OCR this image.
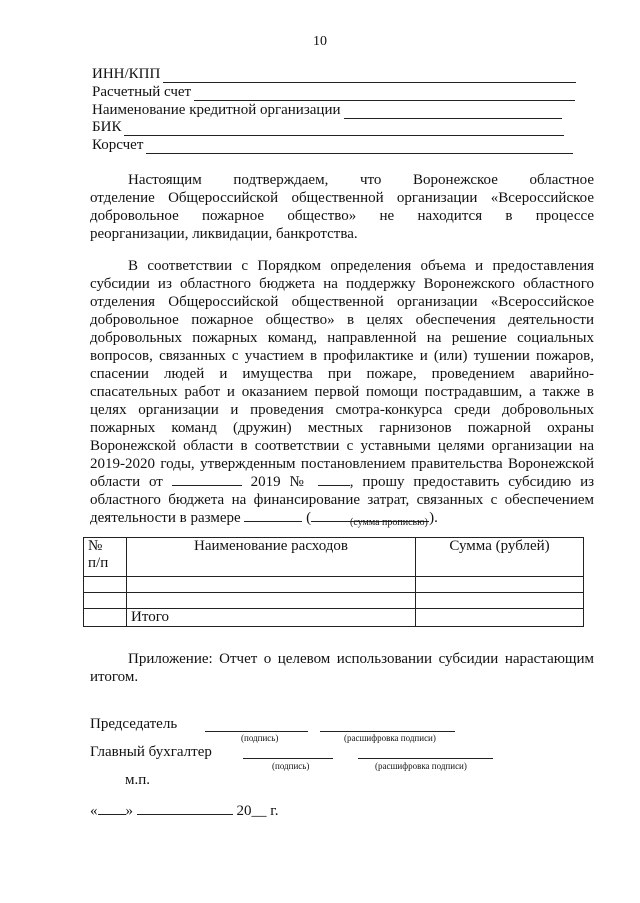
10
ИНН/КПП
Расчетный счет
Наименование кредитной организации
БИК
Корсчет
Настоящим подтверждаем, что Воронежское областное
отделение Общероссийской общественной организации «Всероссийское
добровольное пожарное общество» не находится в процессе
реорганизации, ликвидации, банкротства.
В соответствии с Порядком определения объема и предоставления
субсидии из областного бюджета на поддержку Воронежского областного
отделения Общероссийской общественной организации «Всероссийское
добровольное пожарное общество» в целях обеспечения деятельности
добровольных пожарных команд, направленной на решение социальных
вопросов, связанных с участием в профилактике и (или) тушении пожаров,
спасении людей и имущества при пожаре, проведением аварийно-
спасательных работ и оказанием первой помощи пострадавшим, а также в
целях организации и проведения смотра-конкурса среди добровольных
пожарных команд (дружин) местных гарнизонов пожарной охраны
Воронежской области в соответствии с уставными целями организации на
2019-2020 годы, утвержденным постановлением правительства Воронежской
области от	2019 №	, прошу предоставить субсидию из
областного бюджета на финансирование затрат, связанных с обеспечением
деятельности в размере	(	).
(сумма прописью)
№
п/п	Наименование расходов	Сумма (рублей)

	Итого	
Приложение: Отчет о целевом использовании субсидии нарастающим
итогом.
Председатель
(подпись)	(расшифровка подписи)
Главный бухгалтер
(подпись)	(расшифровка подписи)
м.п.
« »	20__ г.
